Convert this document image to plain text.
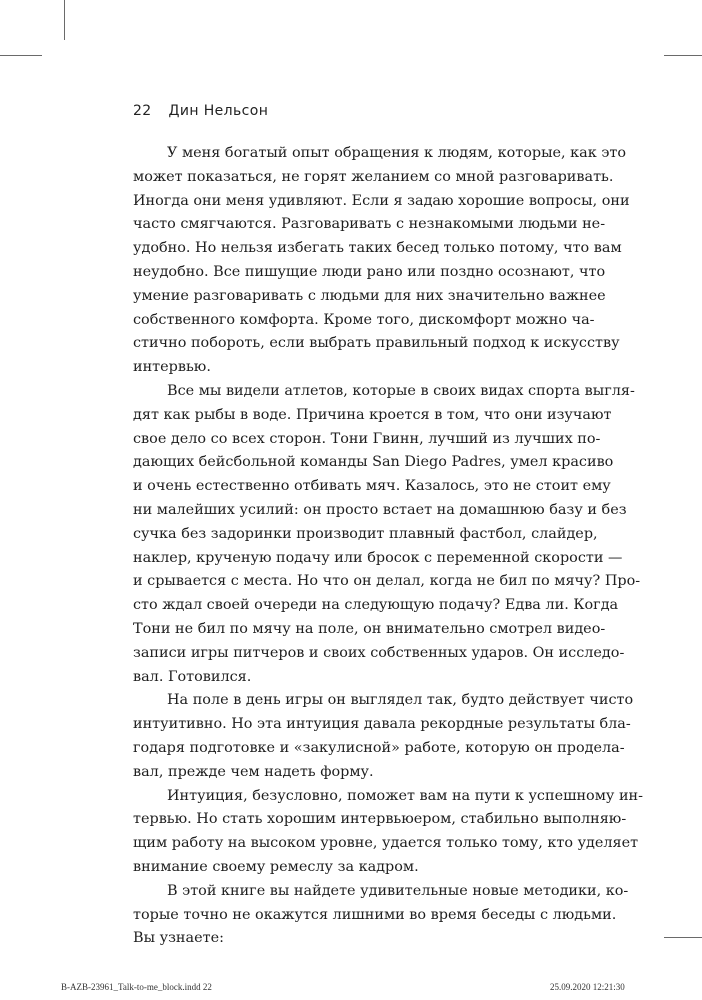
22 Дин Нельсон
У меня богатый опыт обращения к людям, которые, как это
может показаться, не горят желанием со мной разговаривать.
Иногда они меня удивляют. Если я задаю хорошие вопросы, они
часто смягчаются. Разговаривать с незнакомыми людьми не-
удобно. Но нельзя избегать таких бесед только потому, что вам
неудобно. Все пишущие люди рано или поздно осознают, что
умение разговаривать с людьми для них значительно важнее
собственного комфорта. Кроме того, дискомфорт можно ча-
стично побороть, если выбрать правильный подход к искусству
интервью.
Все мы видели атлетов, которые в своих видах спорта выгля-
дят как рыбы в воде. Причина кроется в том, что они изучают
свое дело со всех сторон. Тони Гвинн, лучший из лучших по-
дающих бейсбольной команды San Diego Padres, умел красиво
и очень естественно отбивать мяч. Казалось, это не стоит ему
ни малейших усилий: он просто встает на домашнюю базу и без
сучка без задоринки производит плавный фастбол, слайдер,
наклер, крученую подачу или бросок с переменной скорости —
и срывается с места. Но что он делал, когда не бил по мячу? Про-
сто ждал своей очереди на следующую подачу? Едва ли. Когда
Тони не бил по мячу на поле, он внимательно смотрел видео-
записи игры питчеров и своих собственных ударов. Он исследо-
вал. Готовился.
На поле в день игры он выглядел так, будто действует чисто
интуитивно. Но эта интуиция давала рекордные результаты бла-
годаря подготовке и «закулисной» работе, которую он продела-
вал, прежде чем надеть форму.
Интуиция, безусловно, поможет вам на пути к успешному ин-
тервью. Но стать хорошим интервьюером, стабильно выполняю-
щим работу на высоком уровне, удается только тому, кто уделяет
внимание своему ремеслу за кадром.
В этой книге вы найдете удивительные новые методики, ко-
торые точно не окажутся лишними во время беседы с людьми.
Вы узнаете:
B-AZB-23961_Talk-to-me_block.indd 22	25.09.2020 12:21:30
